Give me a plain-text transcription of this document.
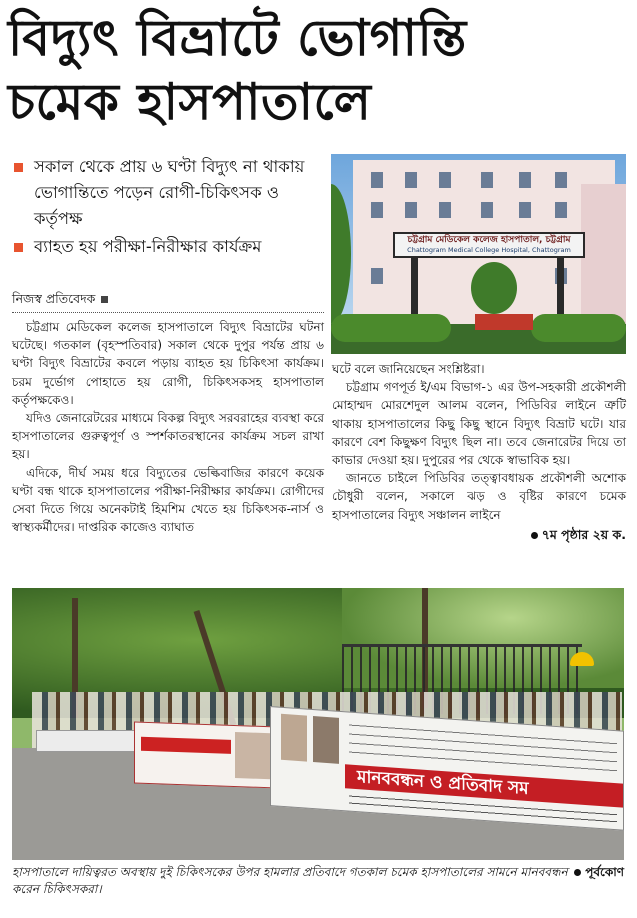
বিদ্যুৎ বিভ্রাটে ভোগান্তি
চমেক হাসপাতালে
সকাল থেকে প্রায় ৬ ঘণ্টা বিদ্যুৎ না থাকায় ভোগান্তিতে পড়েন রোগী-চিকিৎসক ও কর্তৃপক্ষ
ব্যাহত হয় পরীক্ষা-নিরীক্ষার কার্যক্রম
নিজস্ব প্রতিবেদক

চট্টগ্রাম মেডিকেল কলেজ হাসপাতালে বিদ্যুৎ বিভ্রাটের ঘটনা ঘটেছে। গতকাল (বৃহস্পতিবার) সকাল থেকে দুপুর পর্যন্ত প্রায় ৬ ঘণ্টা বিদ্যুৎ বিভ্রাটের কবলে পড়ায় ব্যাহত হয় চিকিৎসা কার্যক্রম। চরম দুর্ভোগ পোহাতে হয় রোগী, চিকিৎসকসহ হাসপাতাল কর্তৃপক্ষকেও।

যদিও জেনারেটরের মাধ্যমে বিকল্প বিদ্যুৎ সরবরাহের ব্যবস্থা করে হাসপাতালের গুরুত্বপূর্ণ ও স্পর্শকাতরস্থানের কার্যক্রম সচল রাখা হয়।

এদিকে, দীর্ঘ সময় ধরে বিদ্যুতের ভেল্কিবাজির কারণে কয়েক ঘণ্টা বন্ধ থাকে হাসপাতালের পরীক্ষা-নিরীক্ষার কার্যক্রম। রোগীদের সেবা দিতে গিয়ে অনেকটাই হিমশিম খেতে হয় চিকিৎসক-নার্স ও স্বাস্থ্যকর্মীদের। দাপ্তরিক কাজেও ব্যাঘাত

চট্টগ্রাম মেডিকেল কলেজ হাসপাতাল, চট্টগ্রাম
Chattogram Medical College Hospital, Chattogram

ঘটে বলে জানিয়েছেন সংশ্লিষ্টরা।

চট্টগ্রাম গণপূর্ত ই/এম বিভাগ-১ এর উপ-সহকারী প্রকৌশলী মোহাম্মদ মোরশেদুল আলম বলেন, পিডিবির লাইনে ত্রুটি থাকায় হাসপাতালের কিছু কিছু স্থানে বিদ্যুৎ বিভ্রাট ঘটে। যার কারণে বেশ কিছুক্ষণ বিদ্যুৎ ছিল না। তবে জেনারেটর দিয়ে তা কাভার দেওয়া হয়। দুপুরের পর থেকে স্বাভাবিক হয়।

জানতে চাইলে পিডিবির তত্ত্বাবধায়ক প্রকৌশলী অশোক চৌধুরী বলেন, সকালে ঝড় ও বৃষ্টির কারণে চমেক হাসপাতালের বিদ্যুৎ সঞ্চালন লাইনে

৭ম পৃষ্ঠার ২য় ক.
মানববন্ধন ও প্রতিবাদ সম
পূর্বকোণ
হাসপাতালে দায়িত্বরত অবস্থায় দুই চিকিৎসকের উপর হামলার প্রতিবাদে গতকাল চমেক হাসপাতালের সামনে মানববন্ধন করেন চিকিৎসকরা।
